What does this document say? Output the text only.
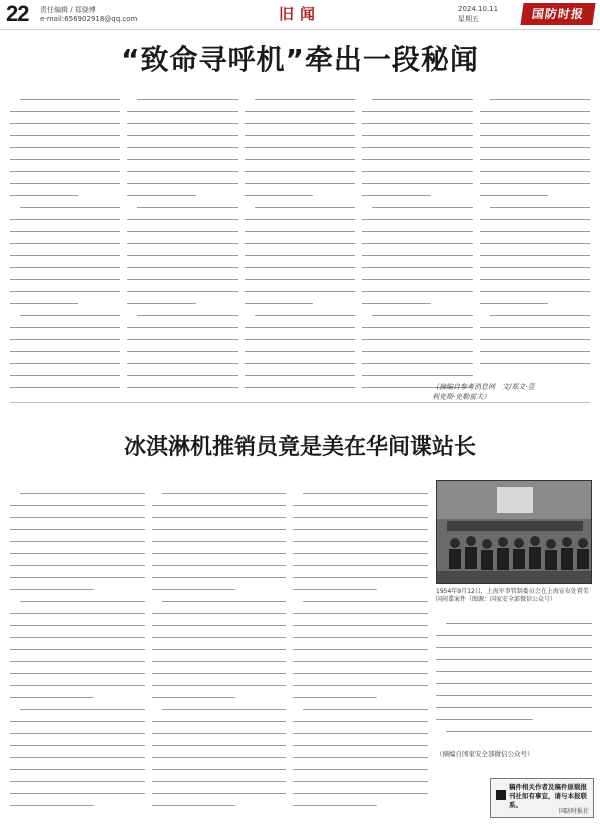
22 责任编辑 / 郑骁博
e-mail:656902918@qq.com	旧闻	2024.10.11
星期五	国防时报
“致命寻呼机”牵出一段秘闻

（摘编自参考消息网　文/郑文·壹
利克斯·克勒雷夫）
冰淇淋机推销员竟是美在华间谍站长

1954年9月12日，上海军事管制委员会在上海宣布处置美国间谍案件（图源：国家安全部微信公众号）

（摘编自国家安全部微信公众号）
稿件相关作者及稿件原载报刊社如有事宜，请与本报联系。
国防时报社
